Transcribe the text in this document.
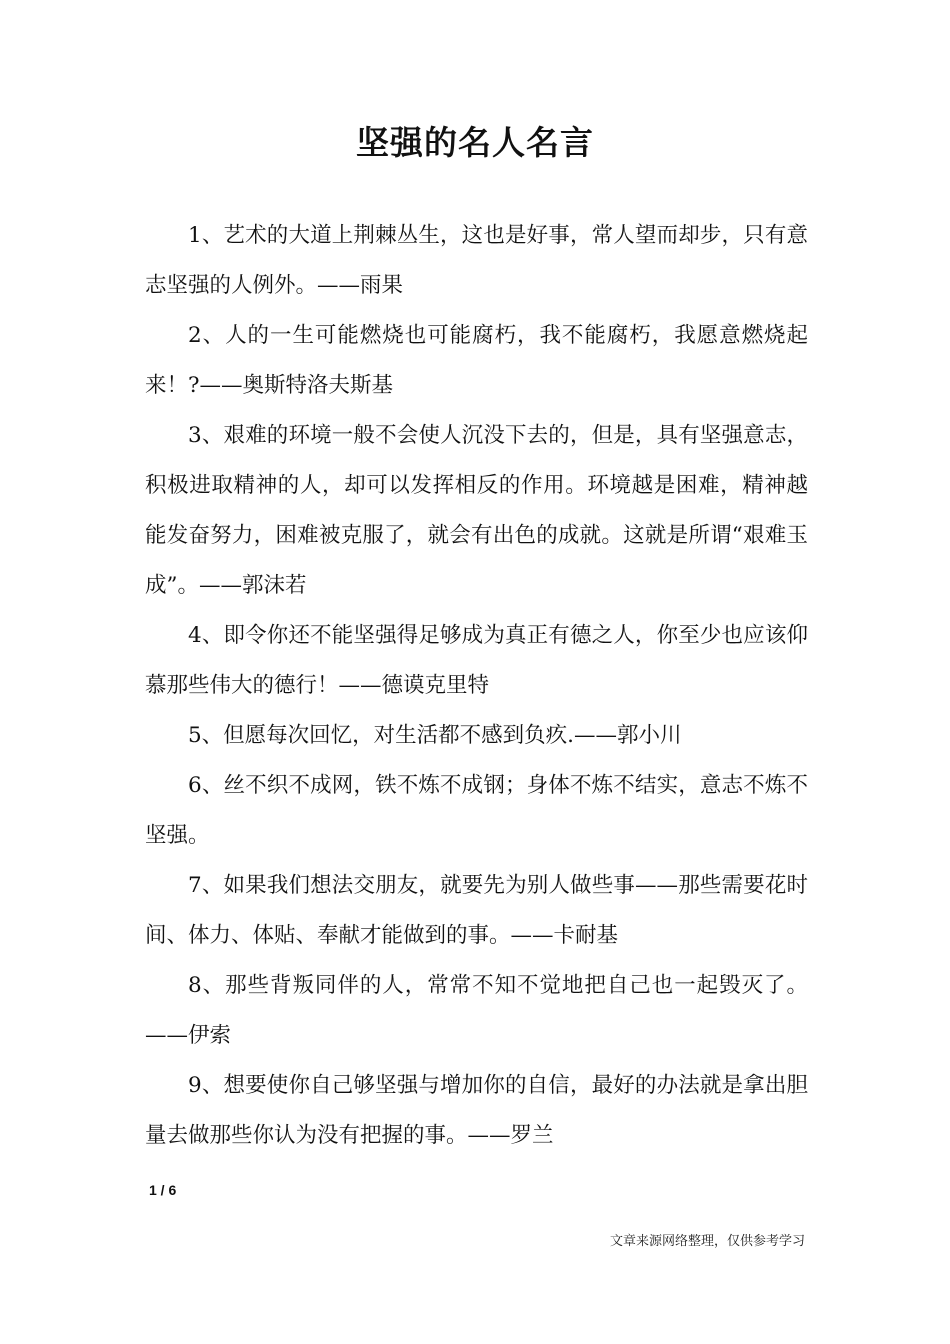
坚强的名人名言

1、艺术的大道上荆棘丛生，这也是好事，常人望而却步，只有意志坚强的人例外。——雨果

2、人的一生可能燃烧也可能腐朽，我不能腐朽，我愿意燃烧起来！?——奥斯特洛夫斯基

3、艰难的环境一般不会使人沉没下去的，但是，具有坚强意志，积极进取精神的人，却可以发挥相反的作用。环境越是困难，精神越能发奋努力，困难被克服了，就会有出色的成就。这就是所谓“艰难玉成”。——郭沫若

4、即令你还不能坚强得足够成为真正有德之人，你至少也应该仰慕那些伟大的德行！——德谟克里特

5、但愿每次回忆，对生活都不感到负疚.——郭小川

6、丝不织不成网，铁不炼不成钢；身体不炼不结实，意志不炼不坚强。

7、如果我们想法交朋友，就要先为别人做些事——那些需要花时间、体力、体贴、奉献才能做到的事。——卡耐基

8、那些背叛同伴的人，常常不知不觉地把自己也一起毁灭了。——伊索

9、想要使你自己够坚强与增加你的自信，最好的办法就是拿出胆量去做那些你认为没有把握的事。——罗兰

1 / 6
文章来源网络整理，仅供参考学习
